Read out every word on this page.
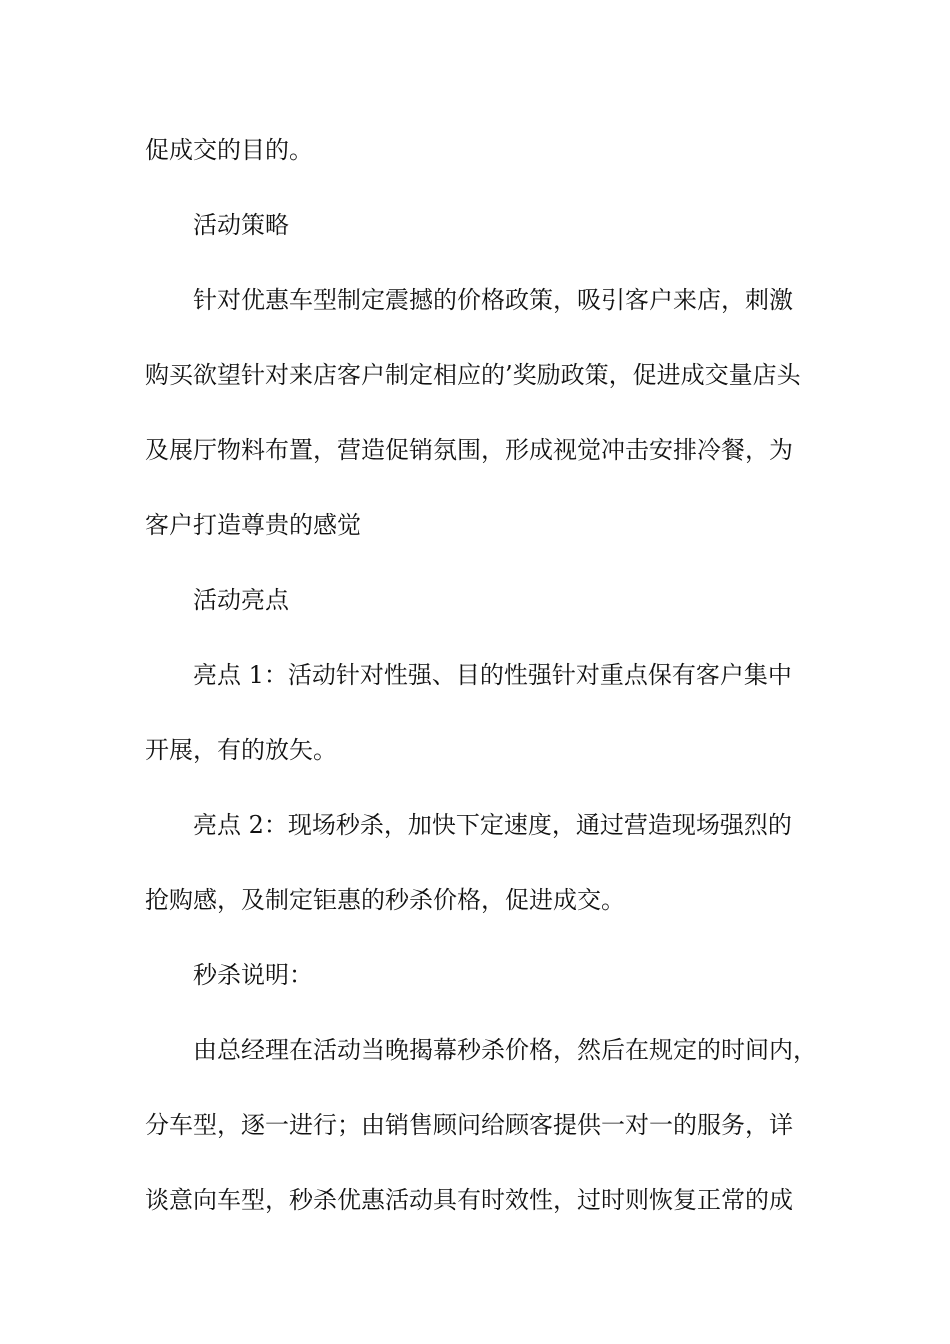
促成交的目的。
活动策略
针对优惠车型制定震撼的价格政策，吸引客户来店，刺激
购买欲望针对来店客户制定相应的’奖励政策，促进成交量店头
及展厅物料布置，营造促销氛围，形成视觉冲击安排冷餐，为
客户打造尊贵的感觉
活动亮点
亮点 1：活动针对性强、目的性强针对重点保有客户集中
开展，有的放矢。
亮点 2：现场秒杀，加快下定速度，通过营造现场强烈的
抢购感，及制定钜惠的秒杀价格，促进成交。
秒杀说明：
由总经理在活动当晚揭幕秒杀价格，然后在规定的时间内，
分车型，逐一进行；由销售顾问给顾客提供一对一的服务，详
谈意向车型，秒杀优惠活动具有时效性，过时则恢复正常的成
